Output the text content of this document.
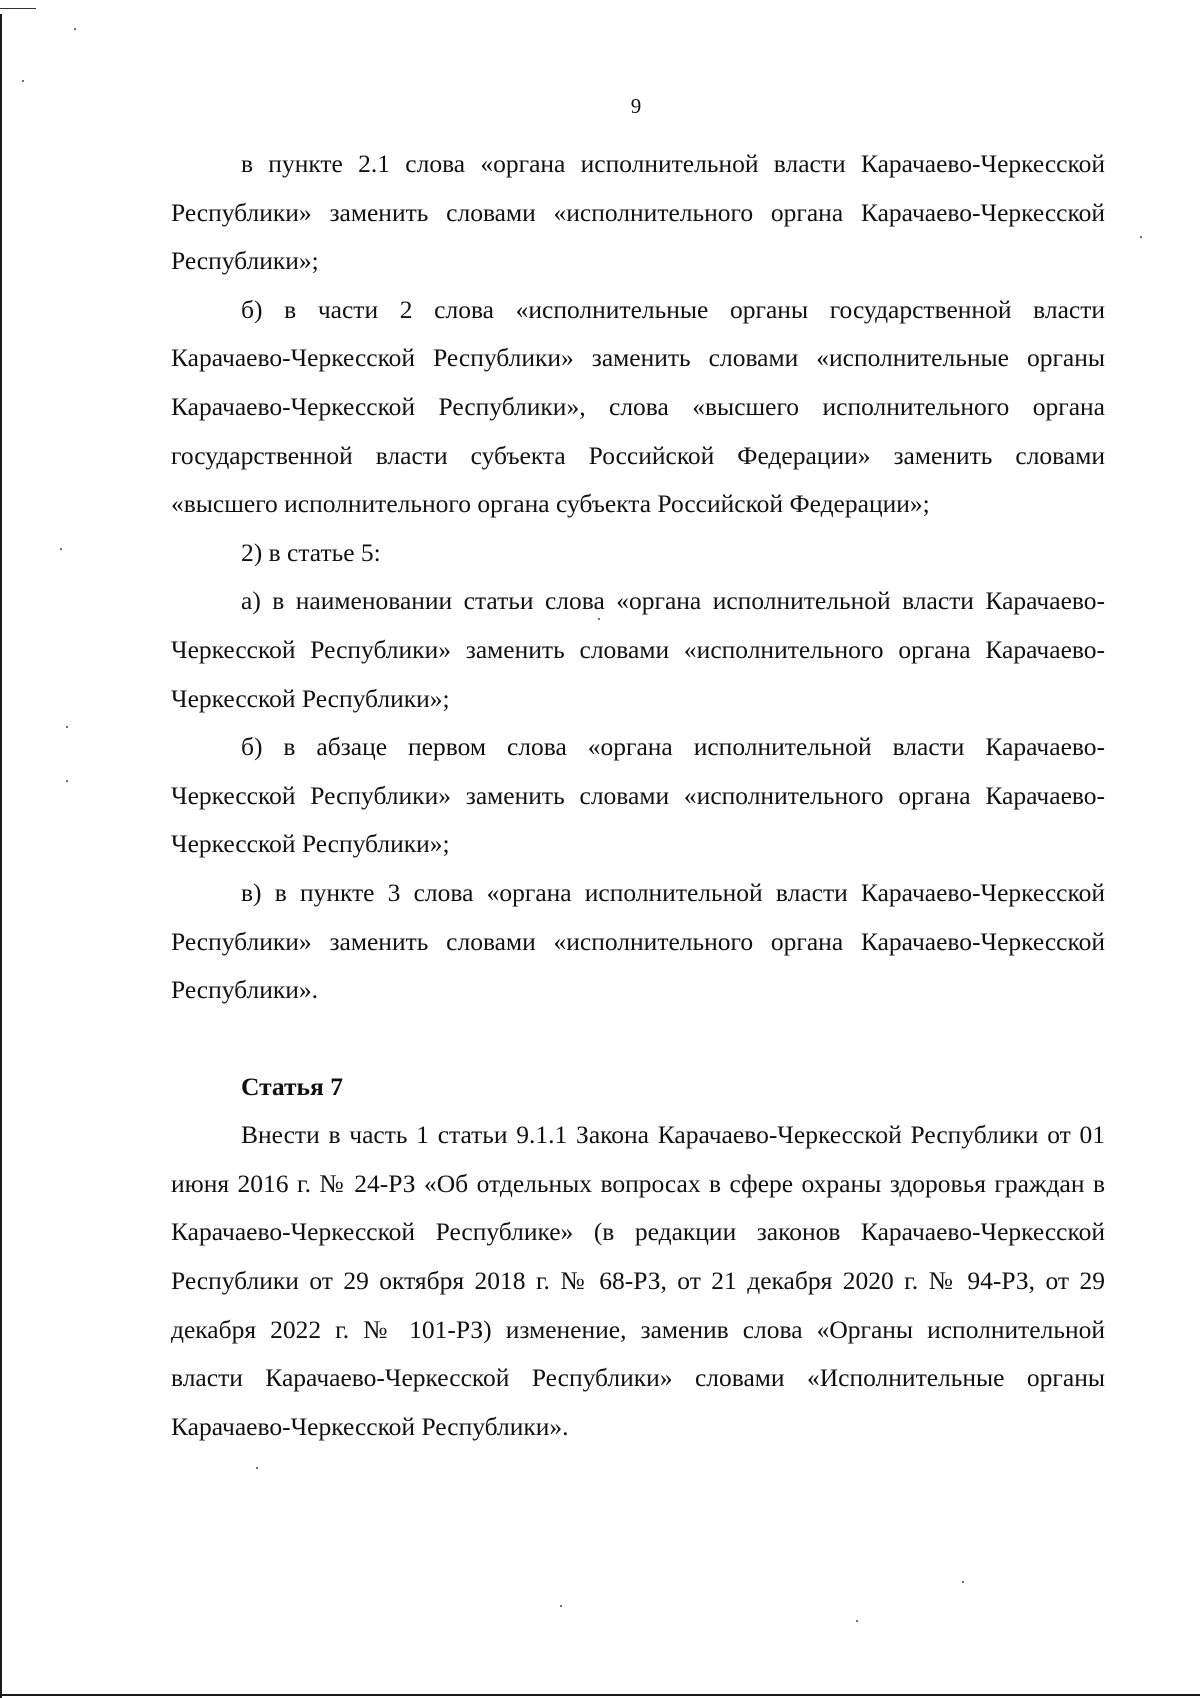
9

в пункте 2.1 слова «органа исполнительной власти Карачаево-Черкесской Республики» заменить словами «исполнительного органа Карачаево-Черкесской Республики»;

б) в части 2 слова «исполнительные органы государственной власти Карачаево-Черкесской Республики» заменить словами «исполнительные органы Карачаево-Черкесской Республики», слова «высшего исполнительного органа государственной власти субъекта Российской Федерации» заменить словами «высшего исполнительного органа субъекта Российской Федерации»;

2) в статье 5:

а) в наименовании статьи слова «органа исполнительной власти Карачаево-Черкесской Республики» заменить словами «исполнительного органа Карачаево-Черкесской Республики»;

б) в абзаце первом слова «органа исполнительной власти Карачаево-Черкесской Республики» заменить словами «исполнительного органа Карачаево-Черкесской Республики»;

в) в пункте 3 слова «органа исполнительной власти Карачаево-Черкесской Республики» заменить словами «исполнительного органа Карачаево-Черкесской Республики».

Статья 7

Внести в часть 1 статьи 9.1.1 Закона Карачаево-Черкесской Республики от 01 июня 2016 г. № 24-РЗ «Об отдельных вопросах в сфере охраны здоровья граждан в Карачаево-Черкесской Республике» (в редакции законов Карачаево-Черкесской Республики от 29 октября 2018 г. № 68-РЗ, от 21 декабря 2020 г. № 94-РЗ, от 29 декабря 2022 г. № 101-РЗ) изменение, заменив слова «Органы исполнительной власти Карачаево-Черкесской Республики» словами «Исполнительные органы Карачаево-Черкесской Республики».
